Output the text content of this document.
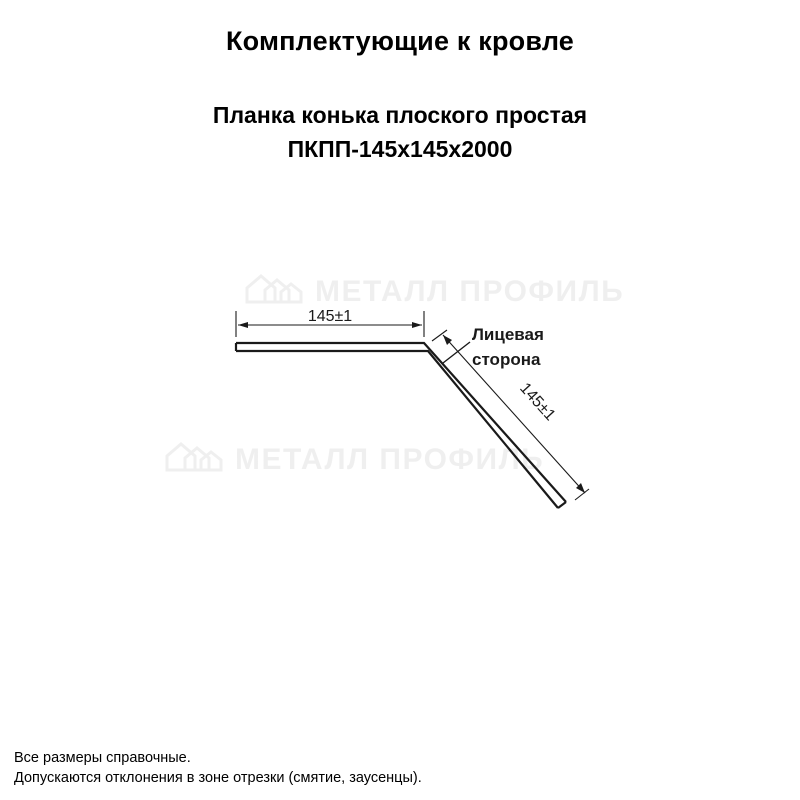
МЕТАЛЛ ПРОФИЛЬ
МЕТАЛЛ ПРОФИЛЬ
Комплектующие к кровле
Планка конька плоского простая
ПКПП-145х145х2000
145±1
145±1
Лицевая
сторона
Все размеры справочные.
Допускаются отклонения в зоне отрезки (смятие, заусенцы).
